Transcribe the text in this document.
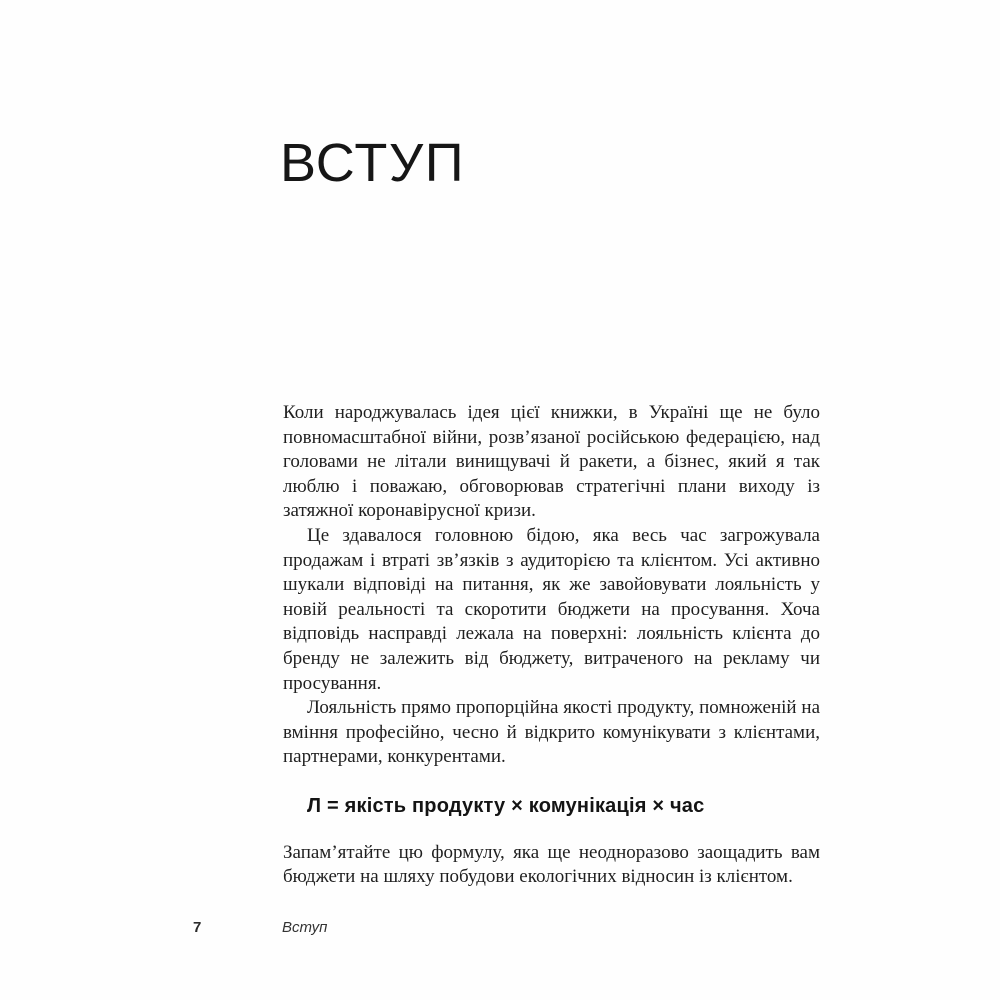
ВСТУП

Коли народжувалась ідея цієї книжки, в Україні ще не було повномасштабної війни, розв’язаної російською федерацією, над головами не літали винищувачі й ракети, а бізнес, який я так люблю і поважаю, обговорював стратегічні плани виходу із затяжної коронавірусної кризи.

Це здавалося головною бідою, яка весь час загрожувала продажам і втраті зв’язків з аудиторією та клієнтом. Усі активно шукали відповіді на питання, як же завойовувати лояльність у новій реальності та скоротити бюджети на просування. Хоча відповідь насправді лежала на поверхні: лояльність клієнта до бренду не залежить від бюджету, витраченого на рекламу чи просування.

Лояльність прямо пропорційна якості продукту, помноженій на вміння професійно, чесно й відкрито комунікувати з клієнтами, партнерами, конкурентами.

Л = якість продукту × комунікація × час

Запам’ятайте цю формулу, яка ще неодноразово заощадить вам бюджети на шляху побудови екологічних відносин із клієнтом.

7	Вступ
